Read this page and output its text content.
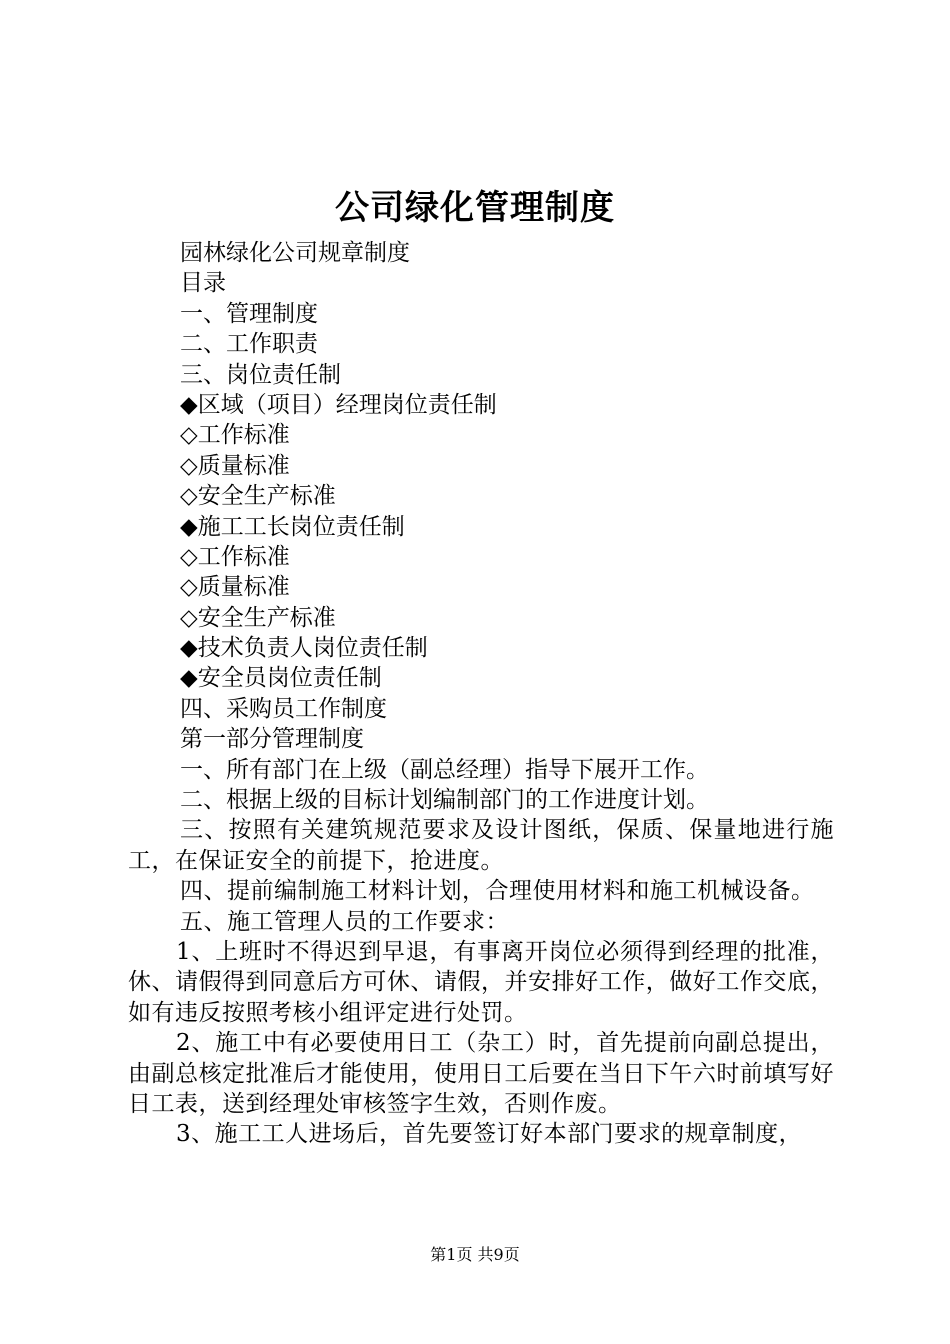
公司绿化管理制度
园林绿化公司规章制度
目录
一、管理制度
二、工作职责
三、岗位责任制
◆区域（项目）经理岗位责任制
◇工作标准
◇质量标准
◇安全生产标准
◆施工工长岗位责任制
◇工作标准
◇质量标准
◇安全生产标准
◆技术负责人岗位责任制
◆安全员岗位责任制
四、采购员工作制度
第一部分管理制度
一、所有部门在上级（副总经理）指导下展开工作。
二、根据上级的目标计划编制部门的工作进度计划。
三、按照有关建筑规范要求及设计图纸，保质、保量地进行施工，在保证安全的前提下，抢进度。
四、提前编制施工材料计划，合理使用材料和施工机械设备。
五、施工管理人员的工作要求：
1、上班时不得迟到早退，有事离开岗位必须得到经理的批准，休、请假得到同意后方可休、请假，并安排好工作，做好工作交底，如有违反按照考核小组评定进行处罚。
2、施工中有必要使用日工（杂工）时，首先提前向副总提出，由副总核定批准后才能使用，使用日工后要在当日下午六时前填写好日工表，送到经理处审核签字生效，否则作废。
3、施工工人进场后，首先要签订好本部门要求的规章制度，
第1页 共9页
